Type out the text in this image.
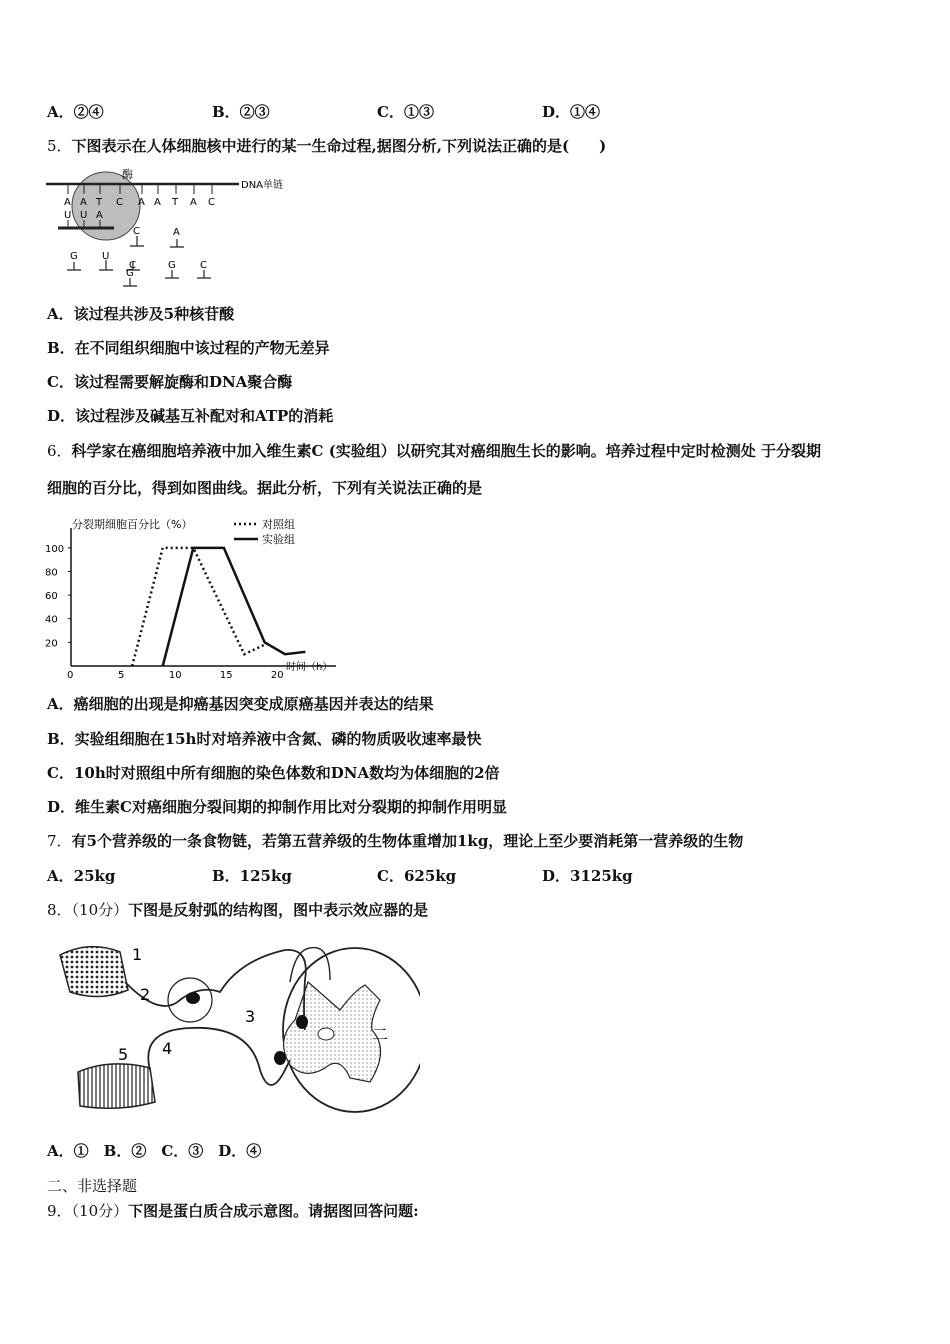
A．②④	B．②③	C．①③	D．①④
5．下图表示在人体细胞核中进行的某一生命过程,据图分析,下列说法正确的是(　　)
酶
DNA单链
A A T C A A T A C
U U A
G U
C
C
A
G C
G
A．该过程共涉及5种核苷酸
B．在不同组织细胞中该过程的产物无差异
C．该过程需要解旋酶和DNA聚合酶
D．该过程涉及碱基互补配对和ATP的消耗
6．科学家在癌细胞培养液中加入维生素C (实验组）以研究其对癌细胞生长的影响。培养过程中定时检测处 于分裂期
细胞的百分比，得到如图曲线。据此分析，下列有关说法正确的是
分裂期细胞百分比（%）	对照组
实验组
时间（h）
0	5	10	15	20
20
40
60
80
100
A．癌细胞的出现是抑癌基因突变成原癌基因并表达的结果
B．实验组细胞在15h时对培养液中含氮、磷的物质吸收速率最快
C．10h时对照组中所有细胞的染色体数和DNA数均为体细胞的2倍
D．维生素C对癌细胞分裂间期的抑制作用比对分裂期的抑制作用明显
7．有5个营养级的一条食物链，若第五营养级的生物体重增加1kg，理论上至少要消耗第一营养级的生物
A．25kg	B．125kg	C．625kg	D．3125kg
8．（10分）下图是反射弧的结构图，图中表示效应器的是
1
2
3
4
5
二
A．①　B．②　C．③　D．④
二、非选择题
9．（10分）下图是蛋白质合成示意图。请据图回答问题:
